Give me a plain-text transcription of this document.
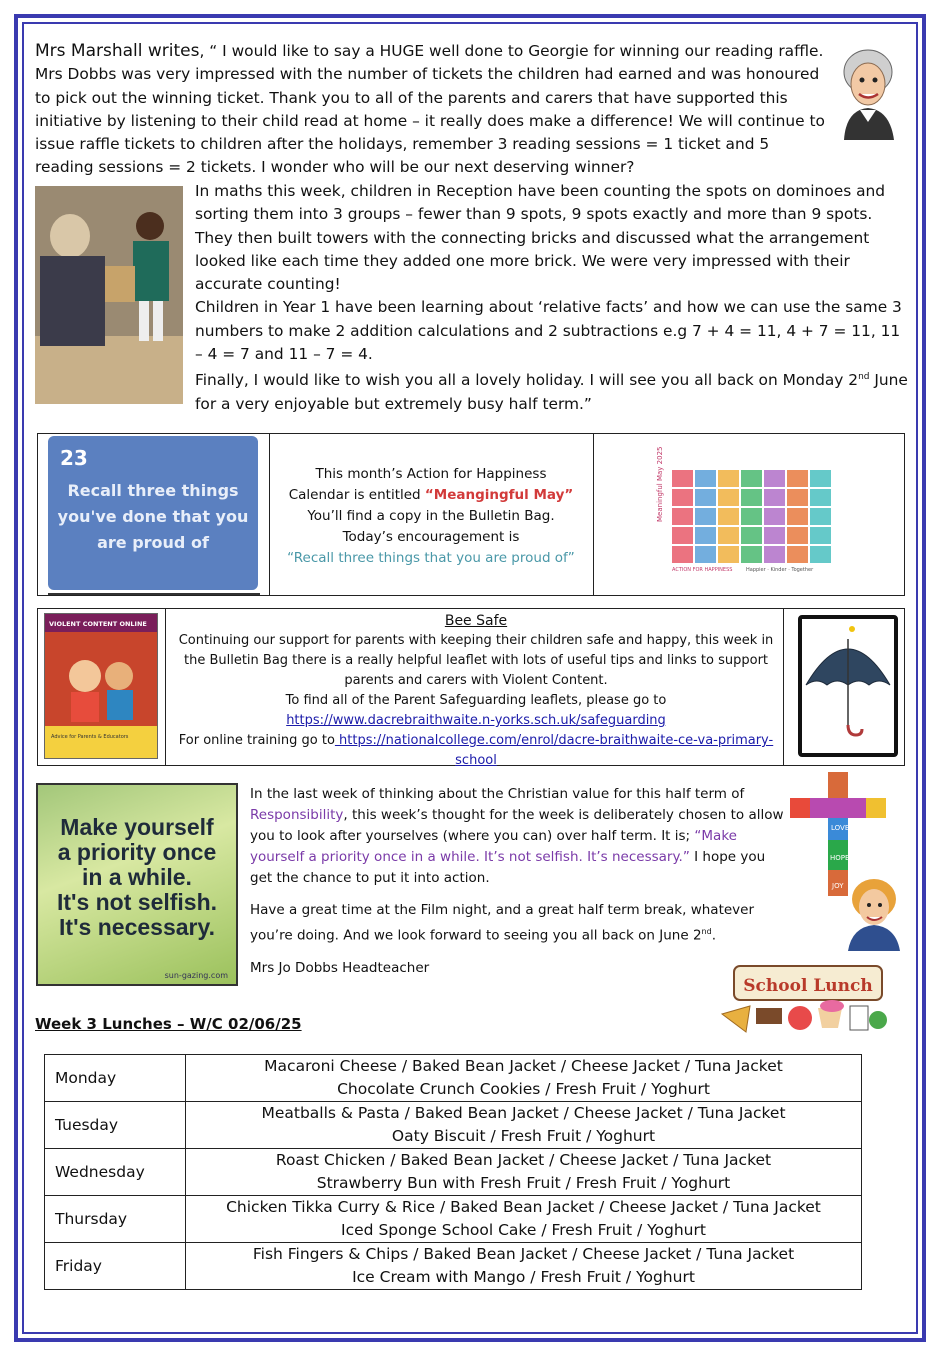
Mrs Marshall writes, “ I would like to say a HUGE well done to Georgie for winning our reading raffle. Mrs Dobbs was very impressed with the number of tickets the children had earned and was honoured to pick out the winning ticket. Thank you to all of the parents and carers that have supported this initiative by listening to their child read at home – it really does make a difference! We will continue to issue raffle tickets to children after the holidays, remember 3 reading sessions = 1 ticket and 5 reading sessions = 2 tickets. I wonder who will be our next deserving winner?

In maths this week, children in Reception have been counting the spots on dominoes and sorting them into 3 groups – fewer than 9 spots, 9 spots exactly and more than 9 spots. They then built towers with the connecting bricks and discussed what the arrangement looked like each time they added one more brick. We were very impressed with their accurate counting!

Children in Year 1 have been learning about ‘relative facts’ and how we can use the same 3 numbers to make 2 addition calculations and 2 subtractions e.g 7 + 4 = 11, 4 + 7 = 11, 11 – 4 = 7 and 11 – 7 = 4.

Finally, I would like to wish you all a lovely holiday. I will see you all back on Monday 2nd June for a very enjoyable but extremely busy half term.”

23
Recall three things you've done that you are proud of
This month’s Action for Happiness
Calendar is entitled “Meangingful May”
You’ll find a copy in the Bulletin Bag.
Today’s encouragement is
“Recall three things that you are proud of”
Meaningful May 2025
ACTION FOR HAPPINESS	Happier · Kinder · Together
VIOLENT CONTENT ONLINE
Advice for Parents & Educators
Bee Safe
Continuing our support for parents with keeping their children safe and happy, this week in the Bulletin Bag there is a really helpful leaflet with lots of useful tips and links to support parents and carers with Violent Content.
To find all of the Parent Safeguarding leaflets, please go to
https://www.dacrebraithwaite.n-yorks.sch.uk/safeguarding
For online training go to https://nationalcollege.com/enrol/dacre-braithwaite-ce-va-primary-school
Make yourself
a priority once
in a while.
It's not selfish.
It's necessary.
sun-gazing.com

In the last week of thinking about the Christian value for this half term of Responsibility, this week’s thought for the week is deliberately chosen to allow you to look after yourselves (where you can) over half term. It is; “Make yourself a priority once in a while. It’s not selfish. It’s necessary.” I hope you get the chance to put it into action.

Have a great time at the Film night, and a great half term break, whatever you’re doing. And we look forward to seeing you all back on June 2nd.

Mrs Jo Dobbs Headteacher

LOVE
HOPE
JOY
School Lunch
Week 3 Lunches – W/C 02/06/25
Monday	Macaroni Cheese / Baked Bean Jacket / Cheese Jacket / Tuna Jacket
Chocolate Crunch Cookies / Fresh Fruit / Yoghurt

Tuesday	Meatballs & Pasta / Baked Bean Jacket / Cheese Jacket / Tuna Jacket
Oaty Biscuit / Fresh Fruit / Yoghurt

Wednesday	Roast Chicken / Baked Bean Jacket / Cheese Jacket / Tuna Jacket
Strawberry Bun with Fresh Fruit / Fresh Fruit / Yoghurt

Thursday	Chicken Tikka Curry & Rice / Baked Bean Jacket / Cheese Jacket / Tuna Jacket
Iced Sponge School Cake / Fresh Fruit / Yoghurt

Friday	Fish Fingers & Chips / Baked Bean Jacket / Cheese Jacket / Tuna Jacket
Ice Cream with Mango / Fresh Fruit / Yoghurt
